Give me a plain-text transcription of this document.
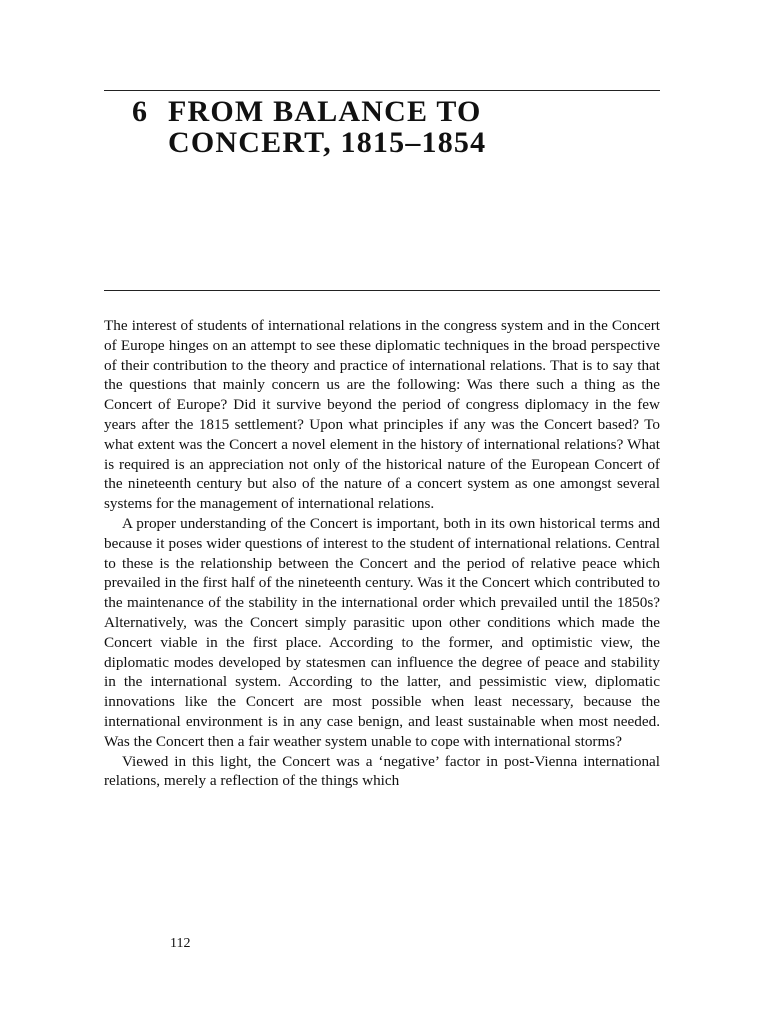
6 FROM BALANCE TO
CONCERT, 1815–1854

The interest of students of international relations in the congress system and in the Concert of Europe hinges on an attempt to see these diplomatic techniques in the broad perspective of their contribution to the theory and practice of international relations. That is to say that the questions that mainly concern us are the following: Was there such a thing as the Concert of Europe? Did it survive beyond the period of congress diplomacy in the few years after the 1815 settlement? Upon what principles if any was the Concert based? To what extent was the Concert a novel element in the history of international relations? What is required is an appreciation not only of the historical nature of the European Concert of the nineteenth century but also of the nature of a concert system as one amongst several systems for the management of international relations.

A proper understanding of the Concert is important, both in its own historical terms and because it poses wider questions of interest to the student of international relations. Central to these is the relationship between the Concert and the period of relative peace which prevailed in the first half of the nineteenth century. Was it the Concert which contributed to the maintenance of the stability in the international order which prevailed until the 1850s? Alternatively, was the Concert simply parasitic upon other conditions which made the Concert viable in the first place. According to the former, and optimistic view, the diplomatic modes developed by statesmen can influence the degree of peace and stability in the international system. According to the latter, and pessimistic view, diplomatic innovations like the Concert are most possible when least necessary, because the international environment is in any case benign, and least sustainable when most needed. Was the Concert then a fair weather system unable to cope with international storms?

Viewed in this light, the Concert was a ‘negative’ factor in post-Vienna international relations, merely a reflection of the things which

112
